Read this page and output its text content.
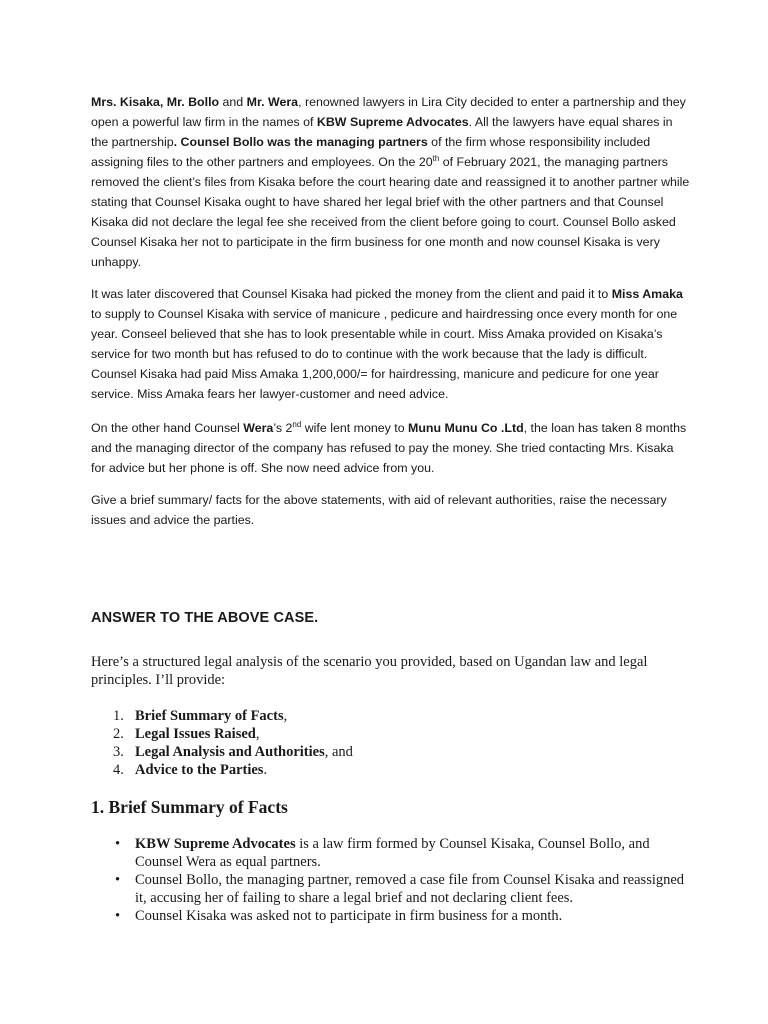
Mrs. Kisaka, Mr. Bollo and Mr. Wera, renowned lawyers in Lira City decided to enter a partnership and they open a powerful law firm in the names of KBW Supreme Advocates. All the lawyers have equal shares in the partnership. Counsel Bollo was the managing partners of the firm whose responsibility included assigning files to the other partners and employees. On the 20th of February 2021, the managing partners removed the client’s files from Kisaka before the court hearing date and reassigned it to another partner while stating that Counsel Kisaka ought to have shared her legal brief with the other partners and that Counsel Kisaka did not declare the legal fee she received from the client before going to court. Counsel Bollo asked Counsel Kisaka her not to participate in the firm business for one month and now counsel Kisaka is very unhappy.

It was later discovered that Counsel Kisaka had picked the money from the client and paid it to Miss Amaka to supply to Counsel Kisaka with service of manicure , pedicure and hairdressing once every month for one year. Conseel believed that she has to look presentable while in court. Miss Amaka provided on Kisaka’s service for two month but has refused to do to continue with the work because that the lady is difficult. Counsel Kisaka had paid Miss Amaka 1,200,000/= for hairdressing, manicure and pedicure for one year service. Miss Amaka fears her lawyer-customer and need advice.

On the other hand Counsel Wera’s 2nd wife lent money to Munu Munu Co .Ltd, the loan has taken 8 months and the managing director of the company has refused to pay the money. She tried contacting Mrs. Kisaka for advice but her phone is off. She now need advice from you.

Give a brief summary/ facts for the above statements, with aid of relevant authorities, raise the necessary issues and advice the parties.

ANSWER TO THE ABOVE CASE.

Here’s a structured legal analysis of the scenario you provided, based on Ugandan law and legal principles. I’ll provide:

1. Brief Summary of Facts,
2. Legal Issues Raised,
3. Legal Analysis and Authorities, and
4. Advice to the Parties.
1. Brief Summary of Facts
• KBW Supreme Advocates is a law firm formed by Counsel Kisaka, Counsel Bollo, and Counsel Wera as equal partners.
• Counsel Bollo, the managing partner, removed a case file from Counsel Kisaka and reassigned it, accusing her of failing to share a legal brief and not declaring client fees.
• Counsel Kisaka was asked not to participate in firm business for a month.
